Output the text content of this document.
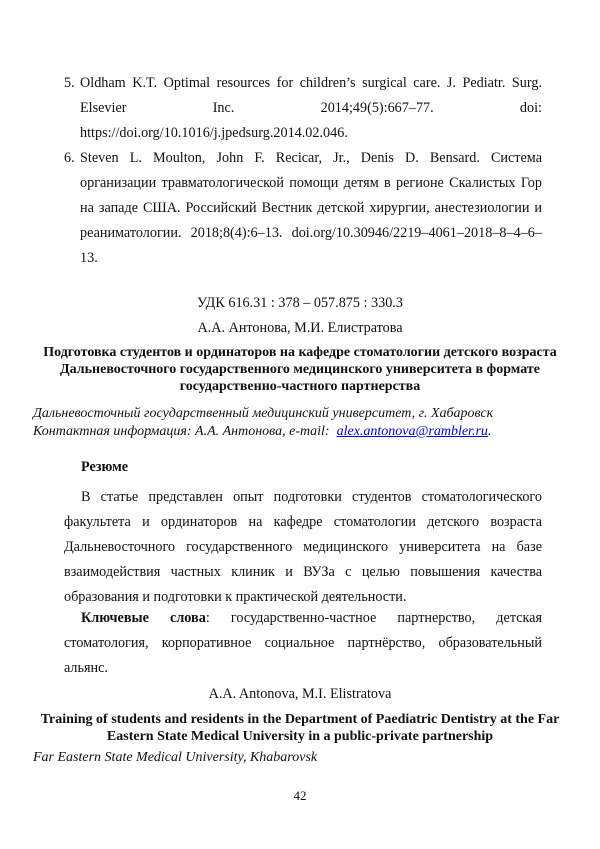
5. Oldham K.T. Optimal resources for children’s surgical care. J. Pediatr. Surg.
Elsevier	Inc.	2014;49(5):667–77.	doi:
https://doi.org/10.1016/j.jpedsurg.2014.02.046.
6. Steven L. Moulton, John F. Recicar, Jr., Denis D. Bensard. Система организации травматологической помощи детям в регионе Скалистых Гор на западе США. Российский Вестник детской хирургии, анестезиологии и реаниматологии. 2018;8(4):6–13. doi.org/10.30946/2219–4061–2018–8–4–6–13.
УДК 616.31 : 378 – 057.875 : 330.3
А.А. Антонова, М.И. Елистратова
Подготовка студентов и ординаторов на кафедре стоматологии детского возраста Дальневосточного государственного медицинского университета в формате государственно-частного партнерства
Дальневосточный государственный медицинский университет, г. Хабаровск
Контактная информация: А.А. Антонова, e-mail: alex.antonova@rambler.ru.
Резюме
В статье представлен опыт подготовки студентов стоматологического факультета и ординаторов на кафедре стоматологии детского возраста Дальневосточного государственного медицинского университета на базе взаимодействия частных клиник и ВУЗа с целью повышения качества образования и подготовки к практической деятельности.
Ключевые слова: государственно-частное партнерство, детская стоматология, корпоративное социальное партнёрство, образовательный альянс.
A.A. Antonova, M.I. Elistratova
Training of students and residents in the Department of Paediatric Dentistry at the Far Eastern State Medical University in a public-private partnership
Far Eastern State Medical University, Khabarovsk
42
